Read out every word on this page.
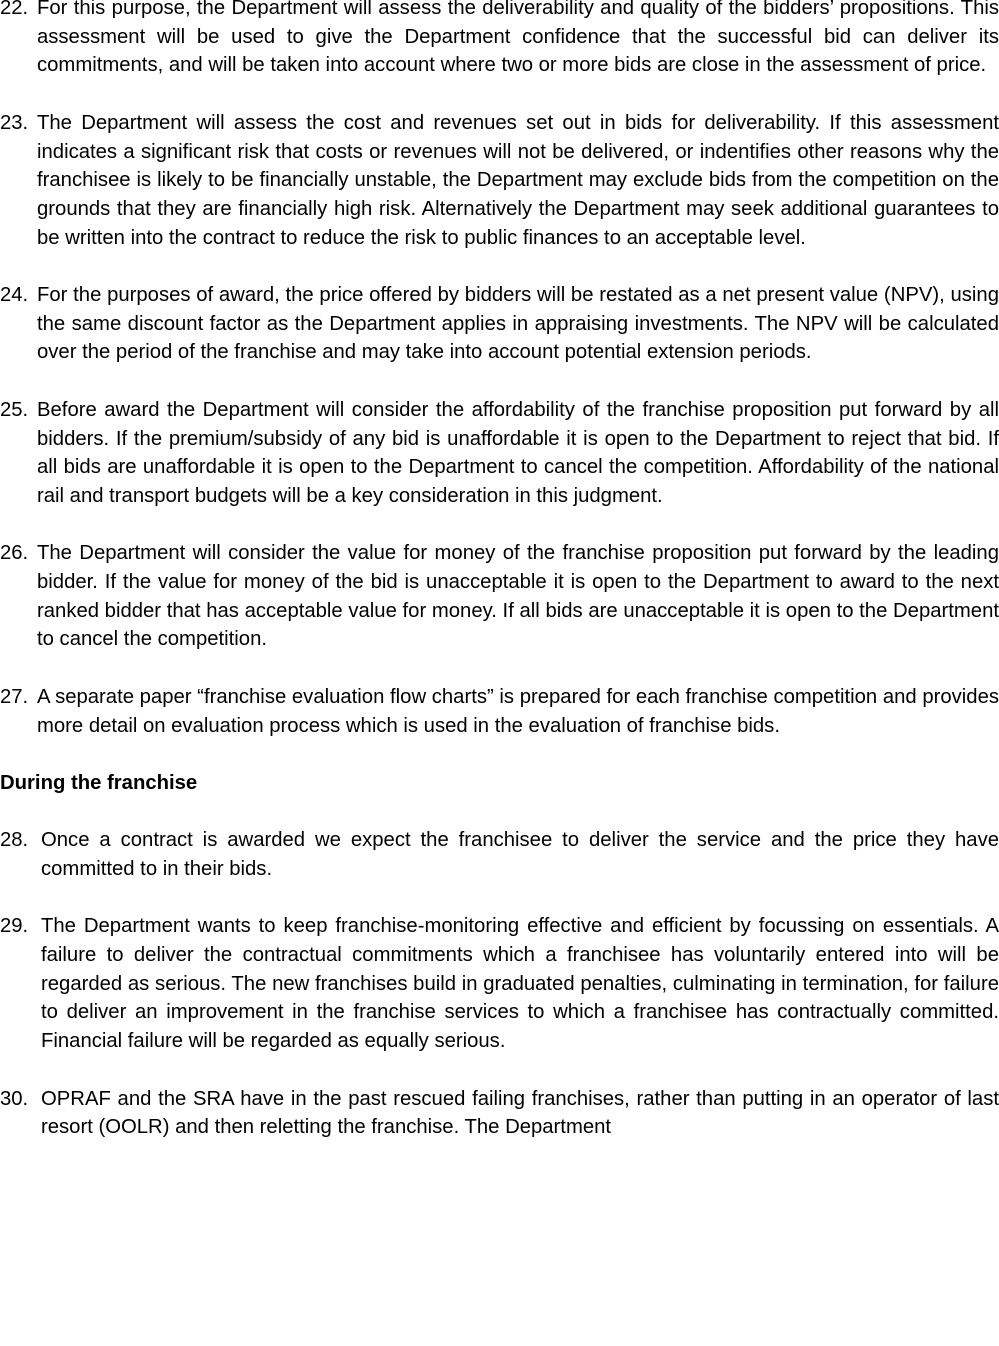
22. For this purpose, the Department will assess the deliverability and quality of the bidders’ propositions. This assessment will be used to give the Department confidence that the successful bid can deliver its commitments, and will be taken into account where two or more bids are close in the assessment of price.
23. The Department will assess the cost and revenues set out in bids for deliverability. If this assessment indicates a significant risk that costs or revenues will not be delivered, or indentifies other reasons why the franchisee is likely to be financially unstable, the Department may exclude bids from the competition on the grounds that they are financially high risk. Alternatively the Department may seek additional guarantees to be written into the contract to reduce the risk to public finances to an acceptable level.
24. For the purposes of award, the price offered by bidders will be restated as a net present value (NPV), using the same discount factor as the Department applies in appraising investments. The NPV will be calculated over the period of the franchise and may take into account potential extension periods.
25. Before award the Department will consider the affordability of the franchise proposition put forward by all bidders. If the premium/subsidy of any bid is unaffordable it is open to the Department to reject that bid. If all bids are unaffordable it is open to the Department to cancel the competition. Affordability of the national rail and transport budgets will be a key consideration in this judgment.
26. The Department will consider the value for money of the franchise proposition put forward by the leading bidder. If the value for money of the bid is unacceptable it is open to the Department to award to the next ranked bidder that has acceptable value for money. If all bids are unacceptable it is open to the Department to cancel the competition.
27. A separate paper “franchise evaluation flow charts” is prepared for each franchise competition and provides more detail on evaluation process which is used in the evaluation of franchise bids.
During the franchise
28. Once a contract is awarded we expect the franchisee to deliver the service and the price they have committed to in their bids.
29. The Department wants to keep franchise-monitoring effective and efficient by focussing on essentials. A failure to deliver the contractual commitments which a franchisee has voluntarily entered into will be regarded as serious. The new franchises build in graduated penalties, culminating in termination, for failure to deliver an improvement in the franchise services to which a franchisee has contractually committed. Financial failure will be regarded as equally serious.
30. OPRAF and the SRA have in the past rescued failing franchises, rather than putting in an operator of last resort (OOLR) and then reletting the franchise. The Department
